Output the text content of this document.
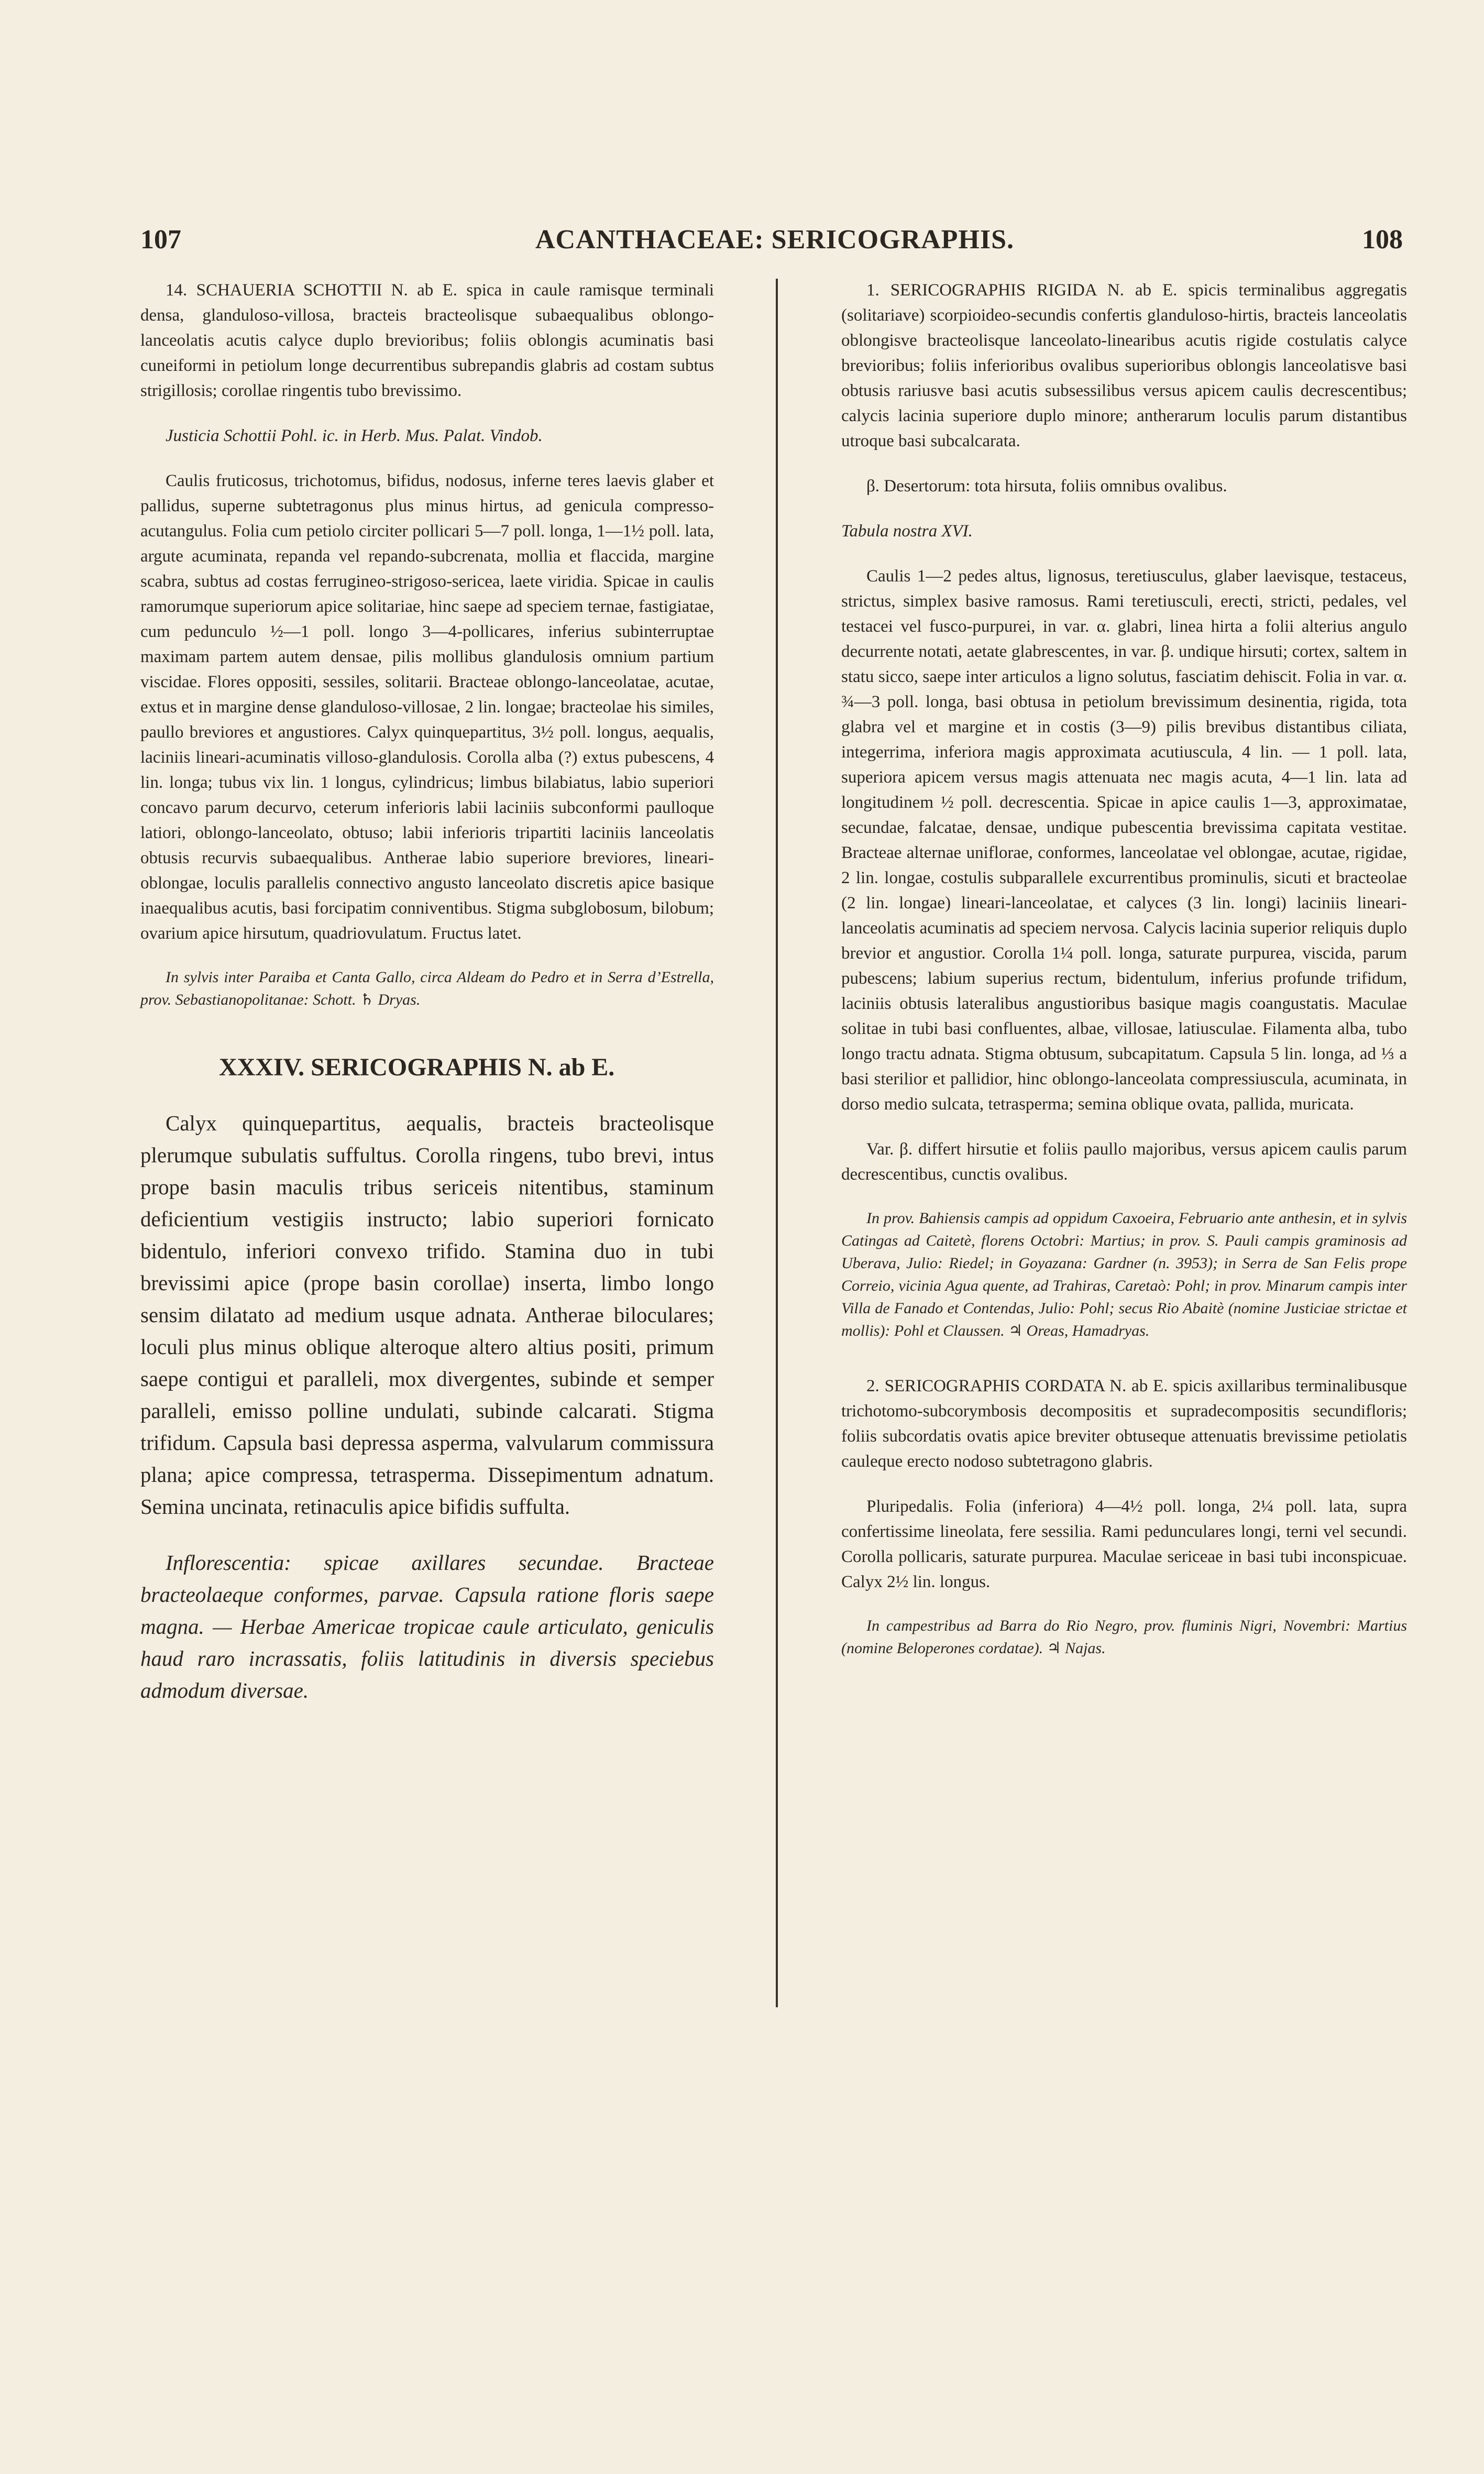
107	ACANTHACEAE: SERICOGRAPHIS.	108

14. SCHAUERIA SCHOTTII N. ab E. spica in caule ramisque terminali densa, glanduloso-villosa, bracteis bracteolisque subaequalibus oblongo-lanceolatis acutis calyce duplo brevioribus; foliis oblongis acuminatis basi cuneiformi in petiolum longe decurrentibus subrepandis glabris ad costam subtus strigillosis; corollae ringentis tubo brevissimo.

Justicia Schottii Pohl. ic. in Herb. Mus. Palat. Vindob.

Caulis fruticosus, trichotomus, bifidus, nodosus, inferne teres laevis glaber et pallidus, superne subtetragonus plus minus hirtus, ad genicula compresso-acutangulus. Folia cum petiolo circiter pollicari 5—7 poll. longa, 1—1½ poll. lata, argute acuminata, repanda vel repando-subcrenata, mollia et flaccida, margine scabra, subtus ad costas ferrugineo-strigoso-sericea, laete viridia. Spicae in caulis ramorumque superiorum apice solitariae, hinc saepe ad speciem ternae, fastigiatae, cum pedunculo ½—1 poll. longo 3—4-pollicares, inferius subinterruptae maximam partem autem densae, pilis mollibus glandulosis omnium partium viscidae. Flores oppositi, sessiles, solitarii. Bracteae oblongo-lanceolatae, acutae, extus et in margine dense glanduloso-villosae, 2 lin. longae; bracteolae his similes, paullo breviores et angustiores. Calyx quinquepartitus, 3½ poll. longus, aequalis, laciniis lineari-acuminatis villoso-glandulosis. Corolla alba (?) extus pubescens, 4 lin. longa; tubus vix lin. 1 longus, cylindricus; limbus bilabiatus, labio superiori concavo parum decurvo, ceterum inferioris labii laciniis subconformi paulloque latiori, oblongo-lanceolato, obtuso; labii inferioris tripartiti laciniis lanceolatis obtusis recurvis subaequalibus. Antherae labio superiore breviores, lineari-oblongae, loculis parallelis connectivo angusto lanceolato discretis apice basique inaequalibus acutis, basi forcipatim conniventibus. Stigma subglobosum, bilobum; ovarium apice hirsutum, quadriovulatum. Fructus latet.

In sylvis inter Paraiba et Canta Gallo, circa Aldeam do Pedro et in Serra d’Estrella, prov. Sebastianopolitanae: Schott. ♄ Dryas.

XXXIV. SERICOGRAPHIS N. ab E.

Calyx quinquepartitus, aequalis, bracteis bracteolisque plerumque subulatis suffultus. Corolla ringens, tubo brevi, intus prope basin maculis tribus sericeis nitentibus, staminum deficientium vestigiis instructo; labio superiori fornicato bidentulo, inferiori convexo trifido. Stamina duo in tubi brevissimi apice (prope basin corollae) inserta, limbo longo sensim dilatato ad medium usque adnata. Antherae biloculares; loculi plus minus oblique alteroque altero altius positi, primum saepe contigui et paralleli, mox divergentes, subinde et semper paralleli, emisso polline undulati, subinde calcarati. Stigma trifidum. Capsula basi depressa asperma, valvularum commissura plana; apice compressa, tetrasperma. Dissepimentum adnatum. Semina uncinata, retinaculis apice bifidis suffulta.

Inflorescentia: spicae axillares secundae. Bracteae bracteolaeque conformes, parvae. Capsula ratione floris saepe magna. — Herbae Americae tropicae caule articulato, geniculis haud raro incrassatis, foliis latitudinis in diversis speciebus admodum diversae.

1. SERICOGRAPHIS RIGIDA N. ab E. spicis terminalibus aggregatis (solitariave) scorpioideo-secundis confertis glanduloso-hirtis, bracteis lanceolatis oblongisve bracteolisque lanceolato-linearibus acutis rigide costulatis calyce brevioribus; foliis inferioribus ovalibus superioribus oblongis lanceolatisve basi obtusis rariusve basi acutis subsessilibus versus apicem caulis decrescentibus; calycis lacinia superiore duplo minore; antherarum loculis parum distantibus utroque basi subcalcarata.

β. Desertorum: tota hirsuta, foliis omnibus ovalibus.

Tabula nostra XVI.

Caulis 1—2 pedes altus, lignosus, teretiusculus, glaber laevisque, testaceus, strictus, simplex basive ramosus. Rami teretiusculi, erecti, stricti, pedales, vel testacei vel fusco-purpurei, in var. α. glabri, linea hirta a folii alterius angulo decurrente notati, aetate glabrescentes, in var. β. undique hirsuti; cortex, saltem in statu sicco, saepe inter articulos a ligno solutus, fasciatim dehiscit. Folia in var. α. ¾—3 poll. longa, basi obtusa in petiolum brevissimum desinentia, rigida, tota glabra vel et margine et in costis (3—9) pilis brevibus distantibus ciliata, integerrima, inferiora magis approximata acutiuscula, 4 lin. — 1 poll. lata, superiora apicem versus magis attenuata nec magis acuta, 4—1 lin. lata ad longitudinem ½ poll. decrescentia. Spicae in apice caulis 1—3, approximatae, secundae, falcatae, densae, undique pubescentia brevissima capitata vestitae. Bracteae alternae uniflorae, conformes, lanceolatae vel oblongae, acutae, rigidae, 2 lin. longae, costulis subparallele excurrentibus prominulis, sicuti et bracteolae (2 lin. longae) lineari-lanceolatae, et calyces (3 lin. longi) laciniis lineari-lanceolatis acuminatis ad speciem nervosa. Calycis lacinia superior reliquis duplo brevior et angustior. Corolla 1¼ poll. longa, saturate purpurea, viscida, parum pubescens; labium superius rectum, bidentulum, inferius profunde trifidum, laciniis obtusis lateralibus angustioribus basique magis coangustatis. Maculae solitae in tubi basi confluentes, albae, villosae, latiusculae. Filamenta alba, tubo longo tractu adnata. Stigma obtusum, subcapitatum. Capsula 5 lin. longa, ad ⅓ a basi sterilior et pallidior, hinc oblongo-lanceolata compressiuscula, acuminata, in dorso medio sulcata, tetrasperma; semina oblique ovata, pallida, muricata.

Var. β. differt hirsutie et foliis paullo majoribus, versus apicem caulis parum decrescentibus, cunctis ovalibus.

In prov. Bahiensis campis ad oppidum Caxoeira, Februario ante anthesin, et in sylvis Catingas ad Caitetè, florens Octobri: Martius; in prov. S. Pauli campis graminosis ad Uberava, Julio: Riedel; in Goyazana: Gardner (n. 3953); in Serra de San Felis prope Correio, vicinia Agua quente, ad Trahiras, Caretaò: Pohl; in prov. Minarum campis inter Villa de Fanado et Contendas, Julio: Pohl; secus Rio Abaitè (nomine Justiciae strictae et mollis): Pohl et Claussen. ♃ Oreas, Hamadryas.

2. SERICOGRAPHIS CORDATA N. ab E. spicis axillaribus terminalibusque trichotomo-subcorymbosis decompositis et supradecompositis secundifloris; foliis subcordatis ovatis apice breviter obtuseque attenuatis brevissime petiolatis cauleque erecto nodoso subtetragono glabris.

Pluripedalis. Folia (inferiora) 4—4½ poll. longa, 2¼ poll. lata, supra confertissime lineolata, fere sessilia. Rami pedunculares longi, terni vel secundi. Corolla pollicaris, saturate purpurea. Maculae sericeae in basi tubi inconspicuae. Calyx 2½ lin. longus.

In campestribus ad Barra do Rio Negro, prov. fluminis Nigri, Novembri: Martius (nomine Beloperones cordatae). ♃ Najas.
